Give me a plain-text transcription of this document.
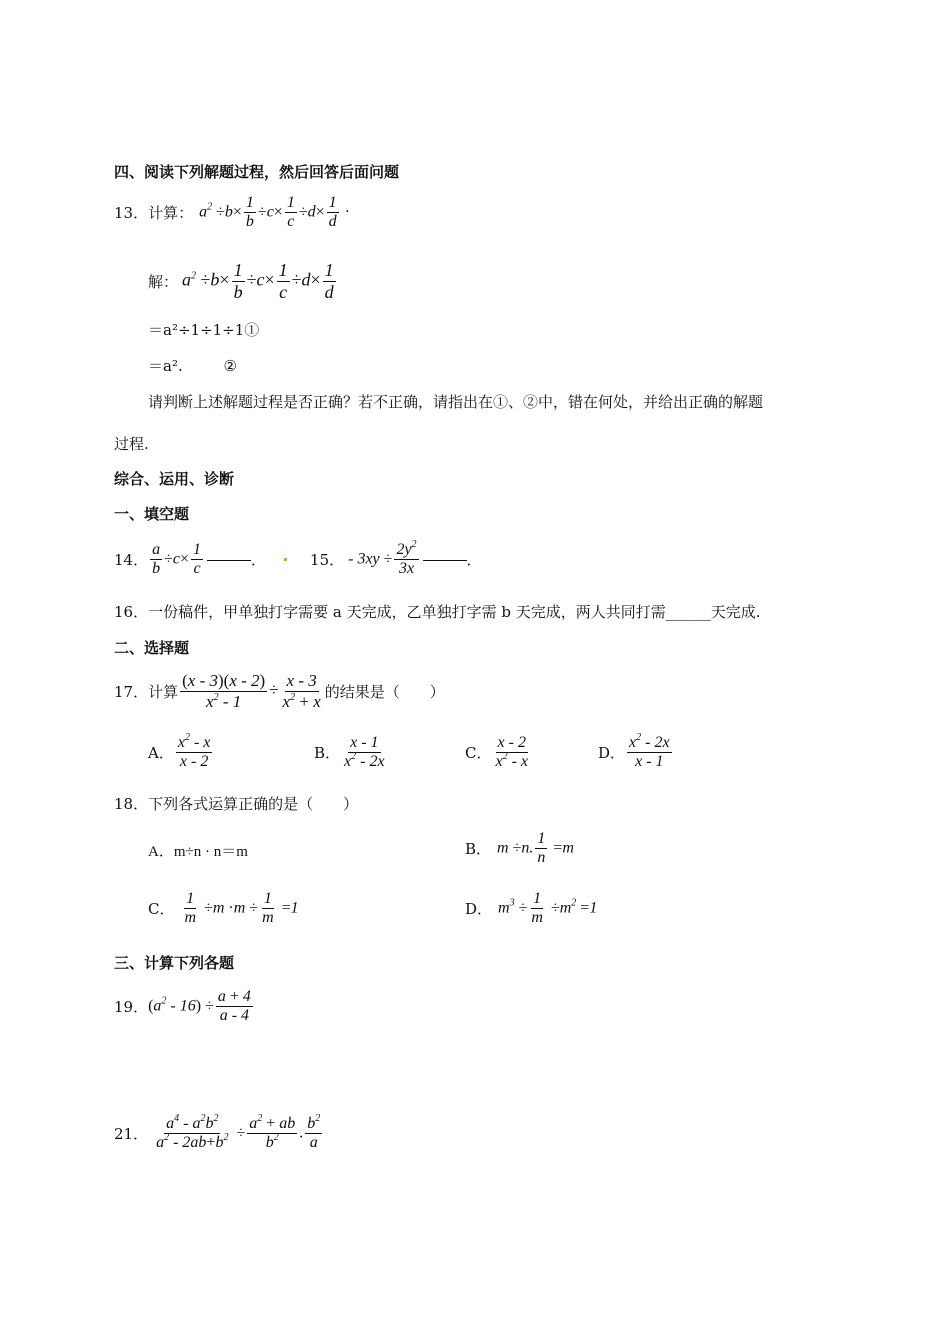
四、阅读下列解题过程，然后回答后面问题
13．计算： $a^2 \div b\times \frac{1}{b} \div c\times \frac{1}{c} \div d\times \frac{1}{d}$ ·
解： $a^2 \div b\times \frac{1}{b} \div c\times \frac{1}{c} \div d\times \frac{1}{d}$
＝a²÷1÷1÷1①
＝a².	②
请判断上述解题过程是否正确？若不正确，请指出在①、②中，错在何处，并给出正确的解题
过程.
综合、运用、诊断
一、填空题
14． $\frac{a}{b} \div c\times \frac{1}{c}$	．	15． - $3xy \div \frac{2y^2}{3x}$	．
16．一份稿件，甲单独打字需要 a 天完成，乙单独打字需 b 天完成，两人共同打需______天完成.
二、选择题
17．计算 $\frac{(x - 3)(x - 2)}{x^2 - 1} \div \frac{x - 3}{x^2 + x}$ 的结果是（　　）
A． $\frac{x^2 - x}{x - 2}$	B． $\frac{x - 1}{x^2 - 2x}$	C． $\frac{x - 2}{x^2 - x}$	D． $\frac{x^2 - 2x}{x - 1}$
18．下列各式运算正确的是（　　）
A．m÷n · n＝m	B． m ÷n. $\frac{1}{n} =m$
C． $\frac{1}{m} \div m \cdot m \div \frac{1}{m} =1$	D． $m^3 \div \frac{1}{m} \div m^2 =1$
三、计算下列各题
19． $(a^2 - 16) \div \frac{a + 4}{a - 4}$
21． $\frac{a^4 - a^2b^2}{a^2 - 2ab+b^2} \div \frac{a^2 + ab}{b^2}$ . $\frac{b^2}{a}$
